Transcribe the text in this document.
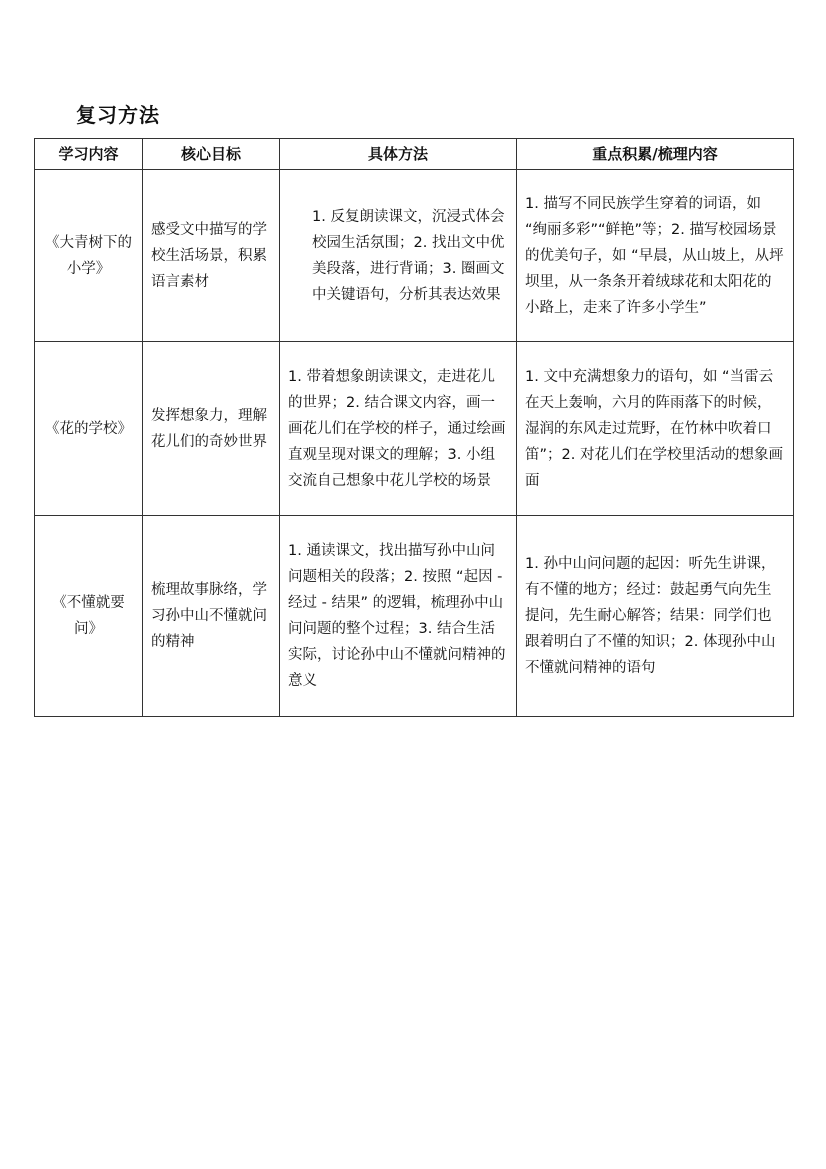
复习方法
学习内容	核心目标	具体方法	重点积累/梳理内容
《大青树下的小学》	感受文中描写的学校生活场景，积累语言素材	1. 反复朗读课文，沉浸式体会校园生活氛围；2. 找出文中优美段落，进行背诵；3. 圈画文中关键语句，分析其表达效果	1. 描写不同民族学生穿着的词语，如 “绚丽多彩”“鲜艳”等；2. 描写校园场景的优美句子，如 “早晨，从山坡上，从坪坝里，从一条条开着绒球花和太阳花的小路上，走来了许多小学生”
《花的学校》	发挥想象力，理解花儿们的奇妙世界	1. 带着想象朗读课文，走进花儿的世界；2. 结合课文内容，画一画花儿们在学校的样子，通过绘画直观呈现对课文的理解；3. 小组交流自己想象中花儿学校的场景	1. 文中充满想象力的语句，如 “当雷云在天上轰响，六月的阵雨落下的时候，湿润的东风走过荒野，在竹林中吹着口笛”；2. 对花儿们在学校里活动的想象画面
《不懂就要问》	梳理故事脉络，学习孙中山不懂就问的精神	1. 通读课文，找出描写孙中山问问题相关的段落；2. 按照 “起因 - 经过 - 结果” 的逻辑，梳理孙中山问问题的整个过程；3. 结合生活实际，讨论孙中山不懂就问精神的意义	1. 孙中山问问题的起因：听先生讲课，有不懂的地方；经过：鼓起勇气向先生提问，先生耐心解答；结果：同学们也跟着明白了不懂的知识；2. 体现孙中山不懂就问精神的语句
